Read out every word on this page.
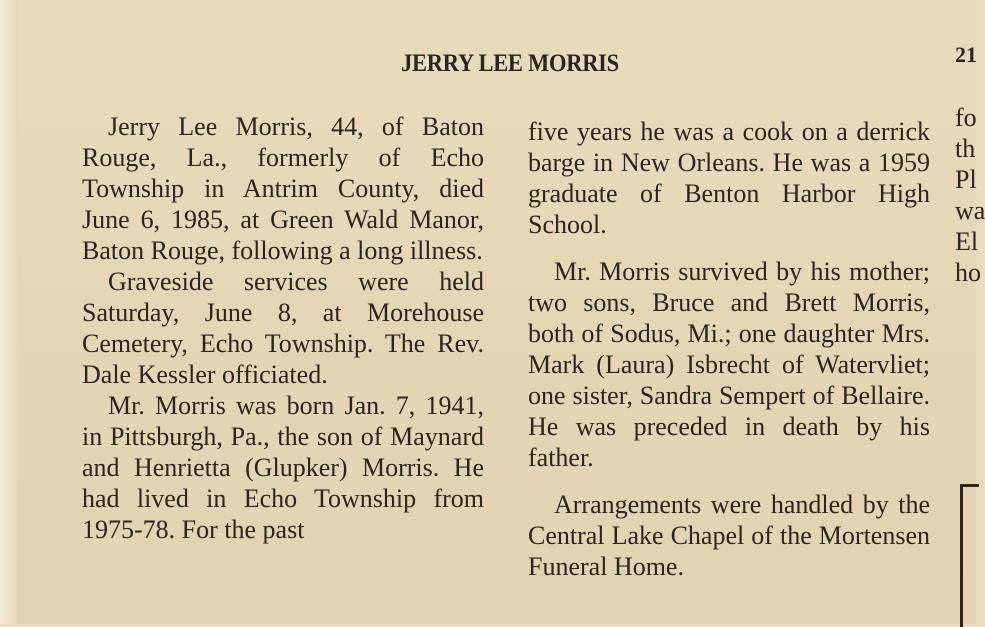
JERRY LEE MORRIS	21

Jerry Lee Morris, 44, of Baton Rouge, La., formerly of Echo Township in Antrim County, died June 6, 1985, at Green Wald Manor, Baton Rouge, following a long illness.

Graveside services were held Saturday, June 8, at Morehouse Cemetery, Echo Township. The Rev. Dale Kessler officiated.

Mr. Morris was born Jan. 7, 1941, in Pittsburgh, Pa., the son of Maynard and Henrietta (Glupker) Morris. He had lived in Echo Township from 1975-78. For the past

five years he was a cook on a derrick barge in New Orleans. He was a 1959 graduate of Benton Harbor High School.

Mr. Morris survived by his mother; two sons, Bruce and Brett Morris, both of Sodus, Mi.; one daughter Mrs. Mark (Laura) Isbrecht of Watervliet; one sister, Sandra Sempert of Bellaire. He was preceded in death by his father.

Arrangements were handled by the Central Lake Chapel of the Mortensen Funeral Home.

fo
th
Pl
wa
El
ho
